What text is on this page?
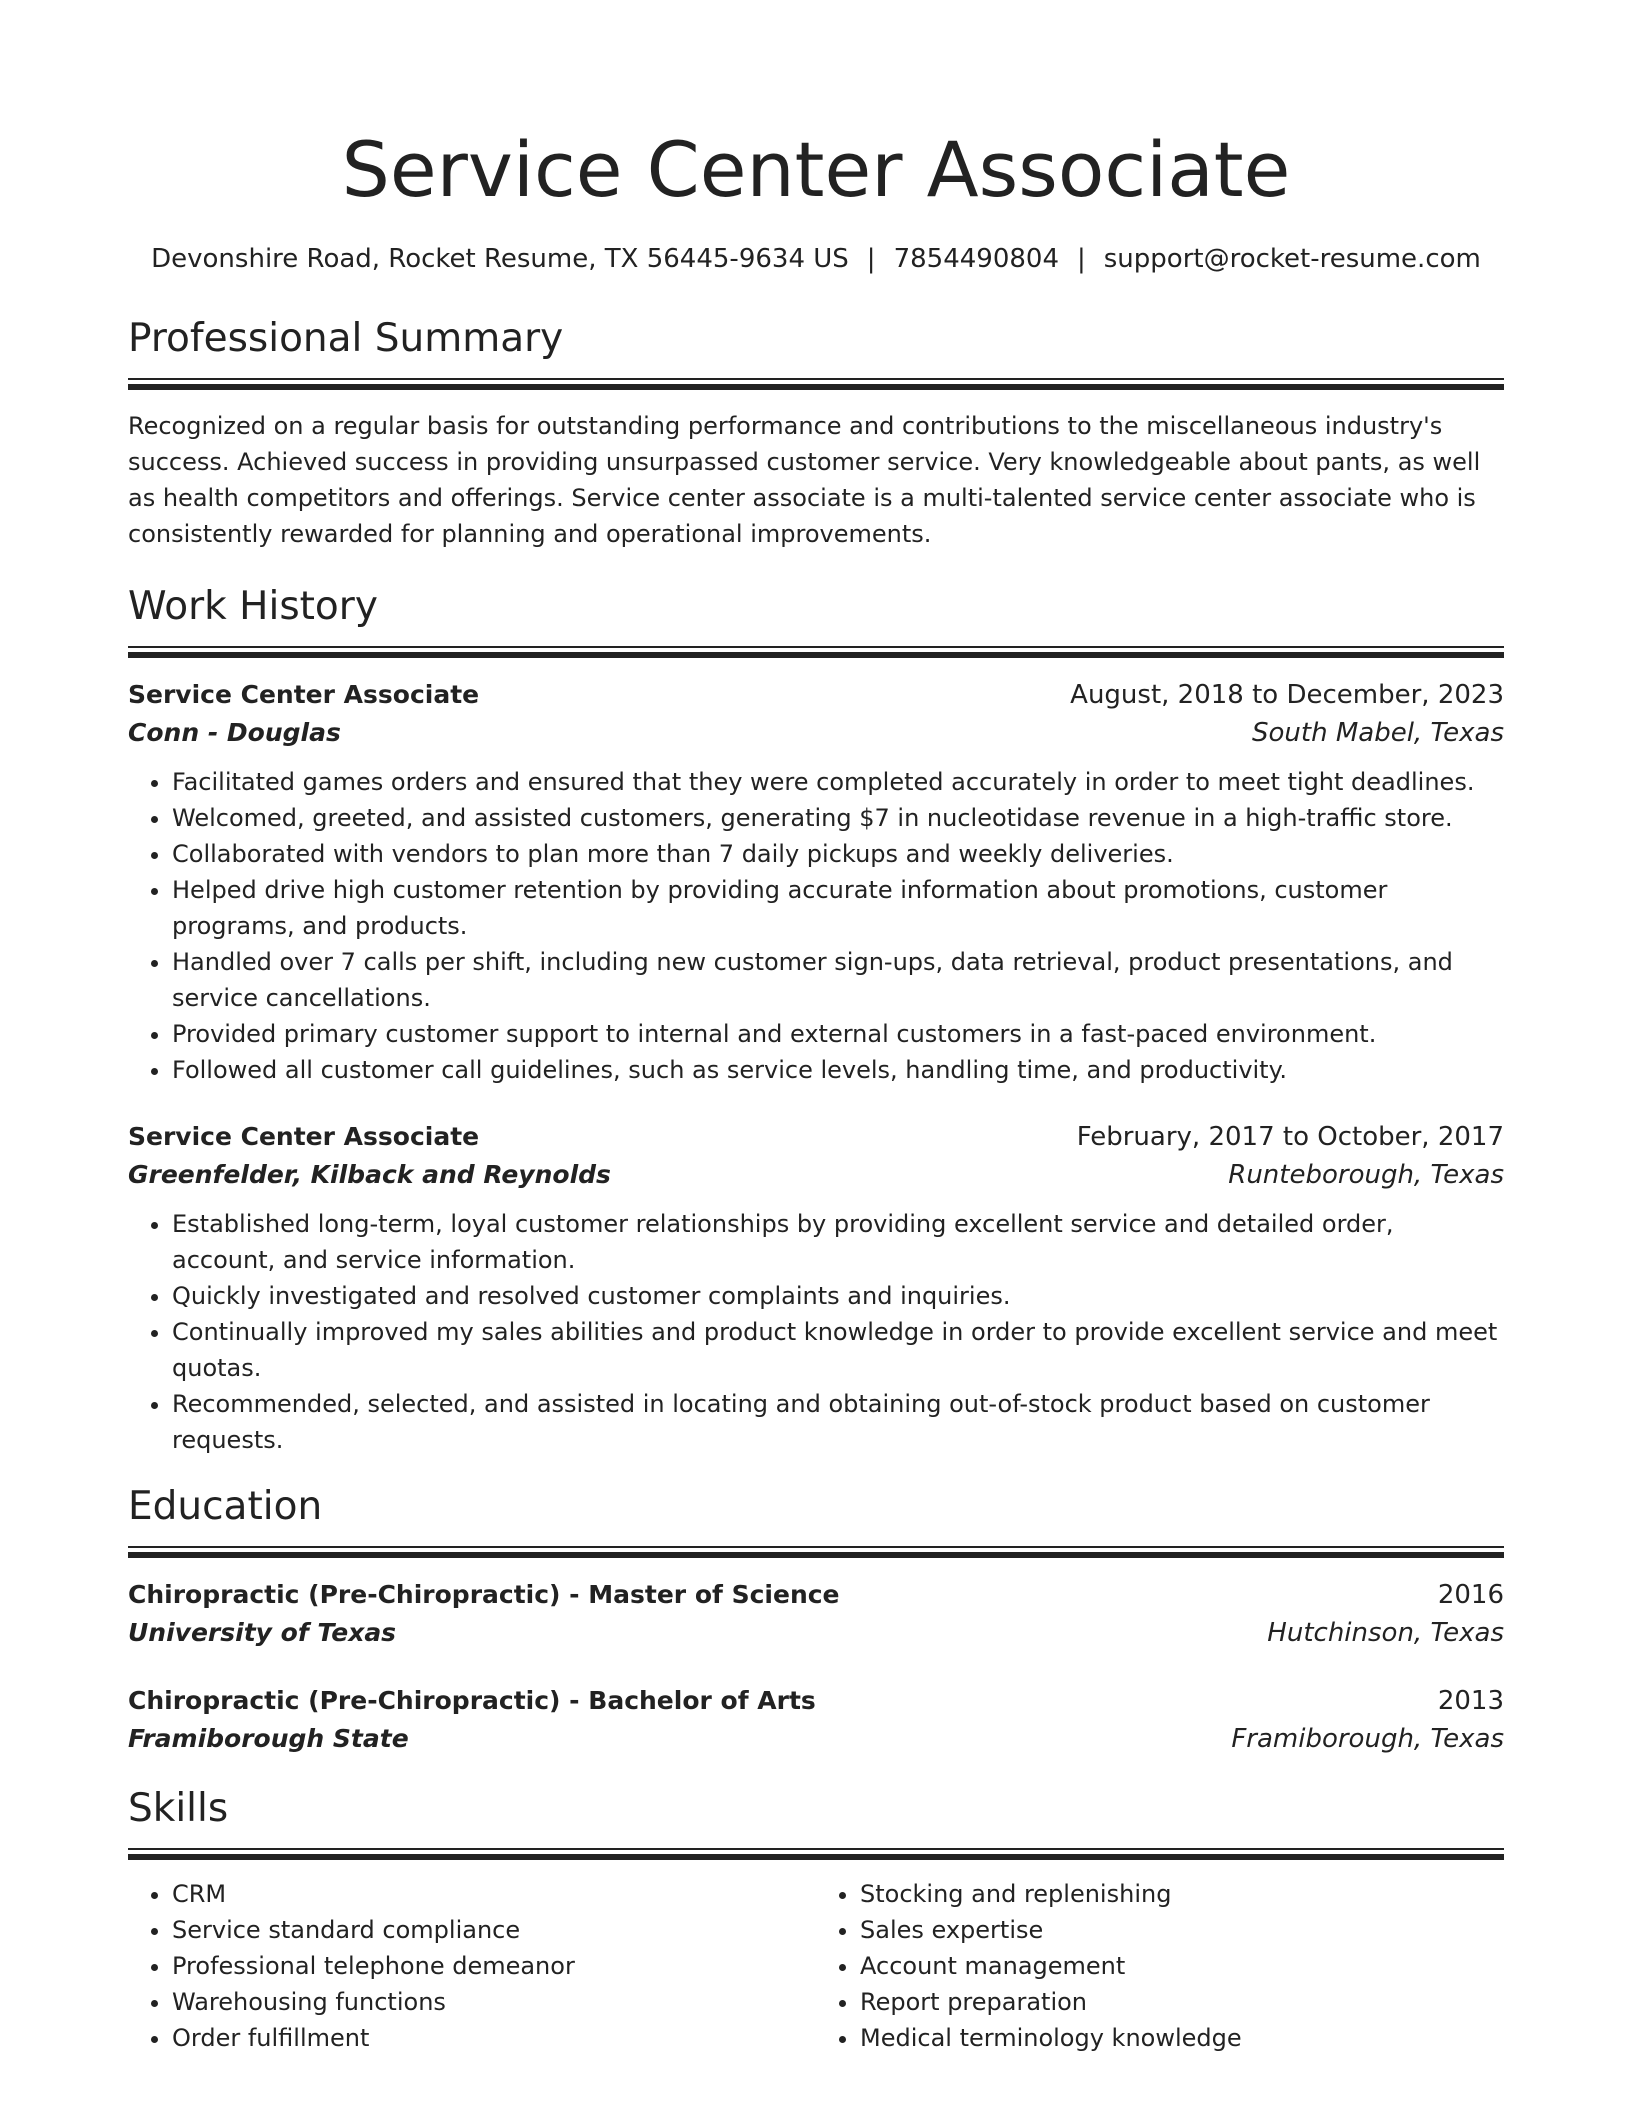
Service Center Associate
Devonshire Road, Rocket Resume, TX 56445-9634 US | 7854490804 | support@rocket-resume.com
Professional Summary
Recognized on a regular basis for outstanding performance and contributions to the miscellaneous industry's success. Achieved success in providing unsurpassed customer service. Very knowledgeable about pants, as well as health competitors and offerings. Service center associate is a multi-talented service center associate who is consistently rewarded for planning and operational improvements.
Work History
Service Center Associate	August, 2018 to December, 2023
Conn - Douglas	South Mabel, Texas
• Facilitated games orders and ensured that they were completed accurately in order to meet tight deadlines.
• Welcomed, greeted, and assisted customers, generating $7 in nucleotidase revenue in a high-traffic store.
• Collaborated with vendors to plan more than 7 daily pickups and weekly deliveries.
• Helped drive high customer retention by providing accurate information about promotions, customer programs, and products.
• Handled over 7 calls per shift, including new customer sign-ups, data retrieval, product presentations, and service cancellations.
• Provided primary customer support to internal and external customers in a fast-paced environment.
• Followed all customer call guidelines, such as service levels, handling time, and productivity.
Service Center Associate	February, 2017 to October, 2017
Greenfelder, Kilback and Reynolds	Runteborough, Texas
• Established long-term, loyal customer relationships by providing excellent service and detailed order, account, and service information.
• Quickly investigated and resolved customer complaints and inquiries.
• Continually improved my sales abilities and product knowledge in order to provide excellent service and meet quotas.
• Recommended, selected, and assisted in locating and obtaining out-of-stock product based on customer requests.
Education
Chiropractic (Pre-Chiropractic) - Master of Science	2016
University of Texas	Hutchinson, Texas
Chiropractic (Pre-Chiropractic) - Bachelor of Arts	2013
Framiborough State	Framiborough, Texas
Skills
• CRM
• Service standard compliance
• Professional telephone demeanor
• Warehousing functions
• Order fulfillment
• Stocking and replenishing
• Sales expertise
• Account management
• Report preparation
• Medical terminology knowledge
